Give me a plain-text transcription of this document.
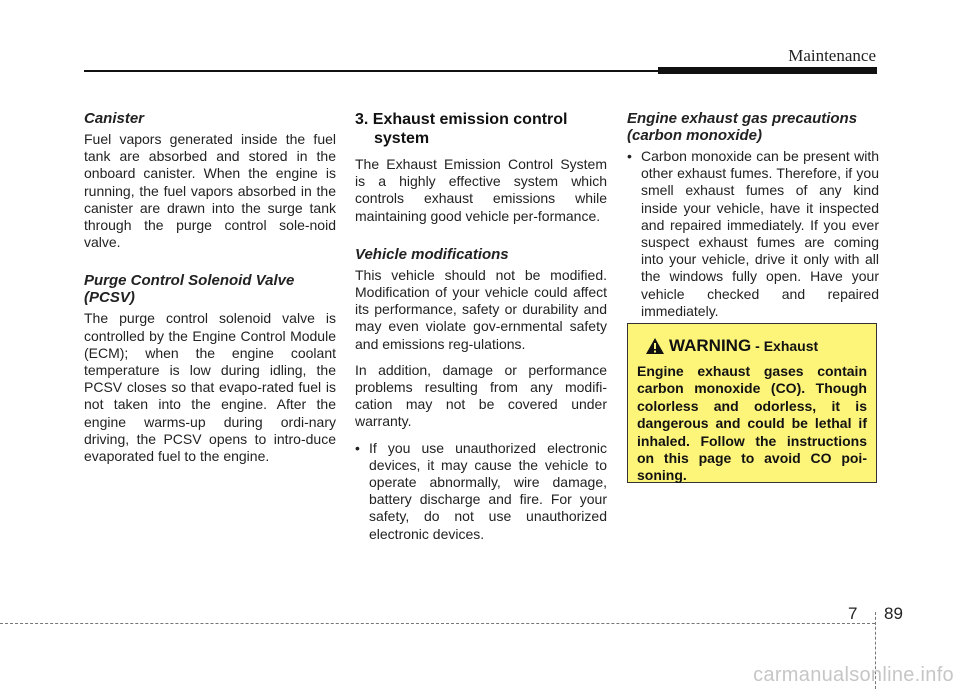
Maintenance
Canister

Fuel vapors generated inside the fuel tank are absorbed and stored in the onboard canister. When the engine is running, the fuel vapors absorbed in the canister are drawn into the surge tank through the purge control sole-noid valve.

Purge Control Solenoid Valve
(PCSV)

The purge control solenoid valve is controlled by the Engine Control Module (ECM); when the engine coolant temperature is low during idling, the PCSV closes so that evapo-rated fuel is not taken into the engine. After the engine warms-up during ordi-nary driving, the PCSV opens to intro-duce evaporated fuel to the engine.

3. Exhaust emission control
system

The Exhaust Emission Control System is a highly effective system which controls exhaust emissions while maintaining good vehicle per-formance.

Vehicle modifications

This vehicle should not be modified. Modification of your vehicle could affect its performance, safety or durability and may even violate gov-ernmental safety and emissions reg-ulations.

In addition, damage or performance problems resulting from any modifi-cation may not be covered under warranty.

• If you use unauthorized electronic devices, it may cause the vehicle to operate abnormally, wire damage, battery discharge and fire. For your safety, do not use unauthorized electronic devices.
Engine exhaust gas precautions
(carbon monoxide)
• Carbon monoxide can be present with other exhaust fumes. Therefore, if you smell exhaust fumes of any kind inside your vehicle, have it inspected and repaired immediately. If you ever suspect exhaust fumes are coming into your vehicle, drive it only with all the windows fully open. Have your vehicle checked and repaired immediately.
WARNING - Exhaust
Engine exhaust gases contain carbon monoxide (CO). Though colorless and odorless, it is dangerous and could be lethal if inhaled. Follow the instructions on this page to avoid CO poi-soning.
7 89
carmanualsonline.info
